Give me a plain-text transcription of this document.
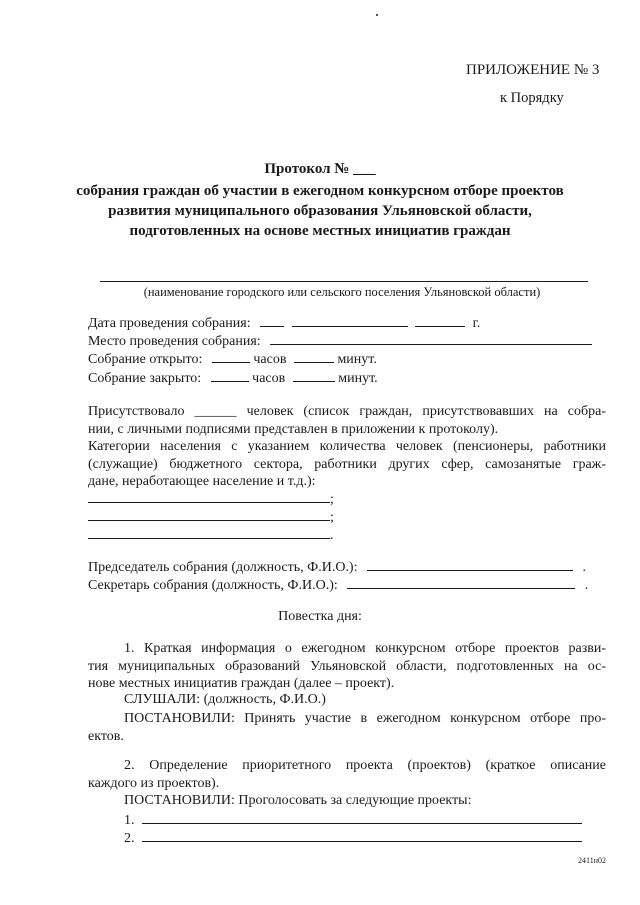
ПРИЛОЖЕНИЕ № 3
к Порядку
Протокол № ___
собрания граждан об участии в ежегодном конкурсном отборе проектов
развития муниципального образования Ульяновской области,
подготовленных на основе местных инициатив граждан
(наименование городского или сельского поселения Ульяновской области)
Дата проведения собрания:	г.
Место проведения собрания:
Собрание открыто:	часов	минут.
Собрание закрыто:	часов	минут.
Присутствовало ______ человек (список граждан, присутствовавших на собра-
нии, с личными подписями представлен в приложении к протоколу).
Категории населения с указанием количества человек (пенсионеры, работники
(служащие) бюджетного сектора, работники других сфер, самозанятые граж-
дане, неработающее население и т.д.):
;
;
.
Председатель собрания (должность, Ф.И.О.):	.
Секретарь собрания (должность, Ф.И.О.):	.
Повестка дня:
1. Краткая информация о ежегодном конкурсном отборе проектов разви-
тия муниципальных образований Ульяновской области, подготовленных на ос-
нове местных инициатив граждан (далее – проект).
СЛУШАЛИ: (должность, Ф.И.О.)
ПОСТАНОВИЛИ: Принять участие в ежегодном конкурсном отборе про-
ектов.
2. Определение приоритетного проекта (проектов) (краткое описание
каждого из проектов).
ПОСТАНОВИЛИ: Проголосовать за следующие проекты:
1.
2.
2411н02
